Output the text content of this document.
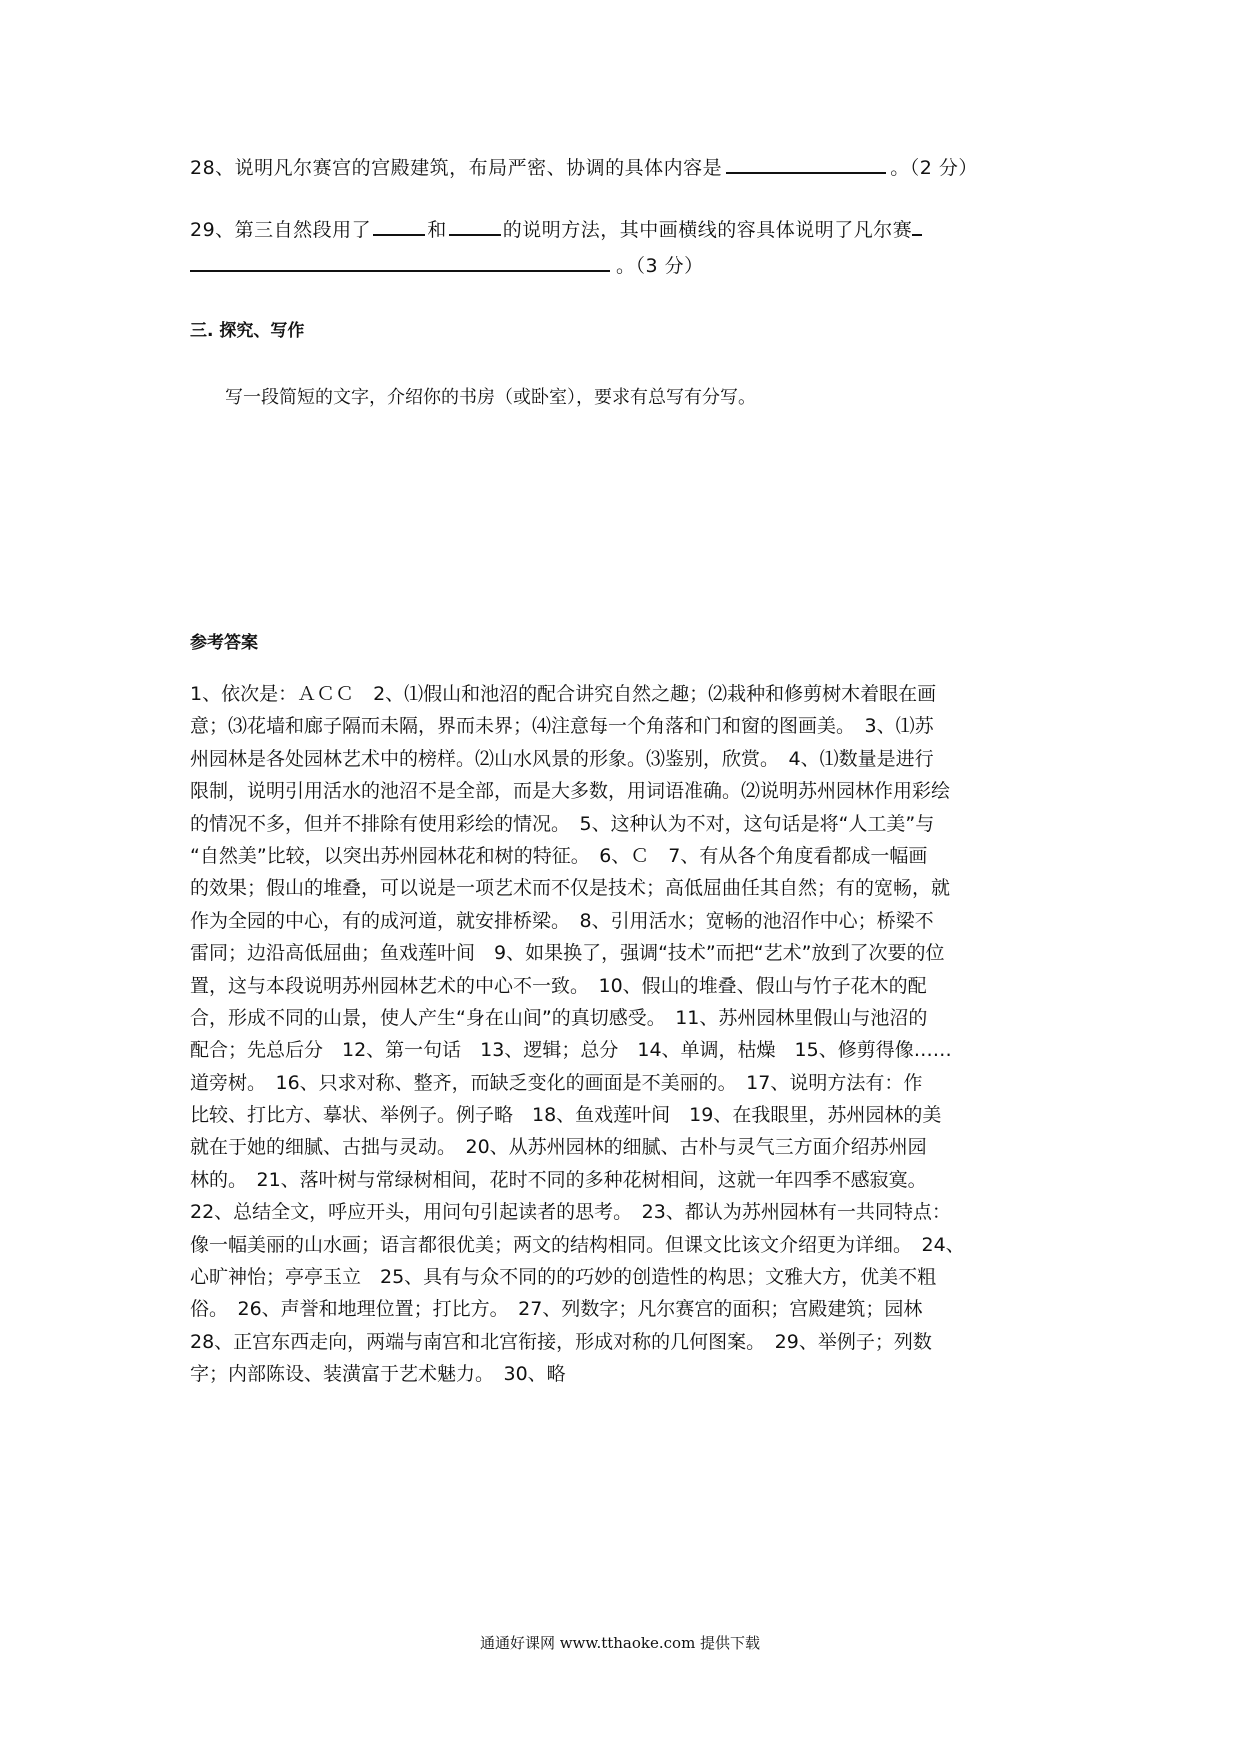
28、说明凡尔赛宫的宫殿建筑，布局严密、协调的具体内容是	。（2 分）
29、第三自然段用了	和	的说明方法，其中画横线的容具体说明了凡尔赛
。（3 分）
三. 探究、写作
写一段简短的文字，介绍你的书房（或卧室），要求有总写有分写。
参考答案
1、依次是：ＡＣＣ　2、⑴假山和池沼的配合讲究自然之趣；⑵栽种和修剪树木着眼在画
意；⑶花墙和廊子隔而未隔，界而未界；⑷注意每一个角落和门和窗的图画美。　3、⑴苏
州园林是各处园林艺术中的榜样。⑵山水风景的形象。⑶鉴别，欣赏。　4、⑴数量是进行
限制，说明引用活水的池沼不是全部，而是大多数，用词语准确。⑵说明苏州园林作用彩绘
的情况不多，但并不排除有使用彩绘的情况。　5、这种认为不对，这句话是将“人工美”与
“自然美”比较，以突出苏州园林花和树的特征。　6、Ｃ　7、有从各个角度看都成一幅画
的效果；假山的堆叠，可以说是一项艺术而不仅是技术；高低屈曲任其自然；有的宽畅，就
作为全园的中心，有的成河道，就安排桥梁。　8、引用活水；宽畅的池沼作中心；桥梁不
雷同；边沿高低屈曲；鱼戏莲叶间　9、如果换了，强调“技术”而把“艺术”放到了次要的位
置，这与本段说明苏州园林艺术的中心不一致。　10、假山的堆叠、假山与竹子花木的配
合，形成不同的山景，使人产生“身在山间”的真切感受。　11、苏州园林里假山与池沼的
配合；先总后分　12、第一句话　13、逻辑；总分　14、单调，枯燥　15、修剪得像……
道旁树。　16、只求对称、整齐，而缺乏变化的画面是不美丽的。　17、说明方法有：作
比较、打比方、摹状、举例子。例子略　18、鱼戏莲叶间　19、在我眼里，苏州园林的美
就在于她的细腻、古拙与灵动。　20、从苏州园林的细腻、古朴与灵气三方面介绍苏州园
林的。　21、落叶树与常绿树相间，花时不同的多种花树相间，这就一年四季不感寂寞。
22、总结全文，呼应开头，用问句引起读者的思考。　23、都认为苏州园林有一共同特点：
像一幅美丽的山水画；语言都很优美；两文的结构相同。但课文比该文介绍更为详细。　24、
心旷神怡；亭亭玉立　25、具有与众不同的的巧妙的创造性的构思；文雅大方，优美不粗
俗。　26、声誉和地理位置；打比方。　27、列数字；凡尔赛宫的面积；宫殿建筑；园林
28、正宫东西走向，两端与南宫和北宫衔接，形成对称的几何图案。　29、举例子；列数
字；内部陈设、装潢富于艺术魅力。　30、略
通通好课网 www.tthaoke.com 提供下载
